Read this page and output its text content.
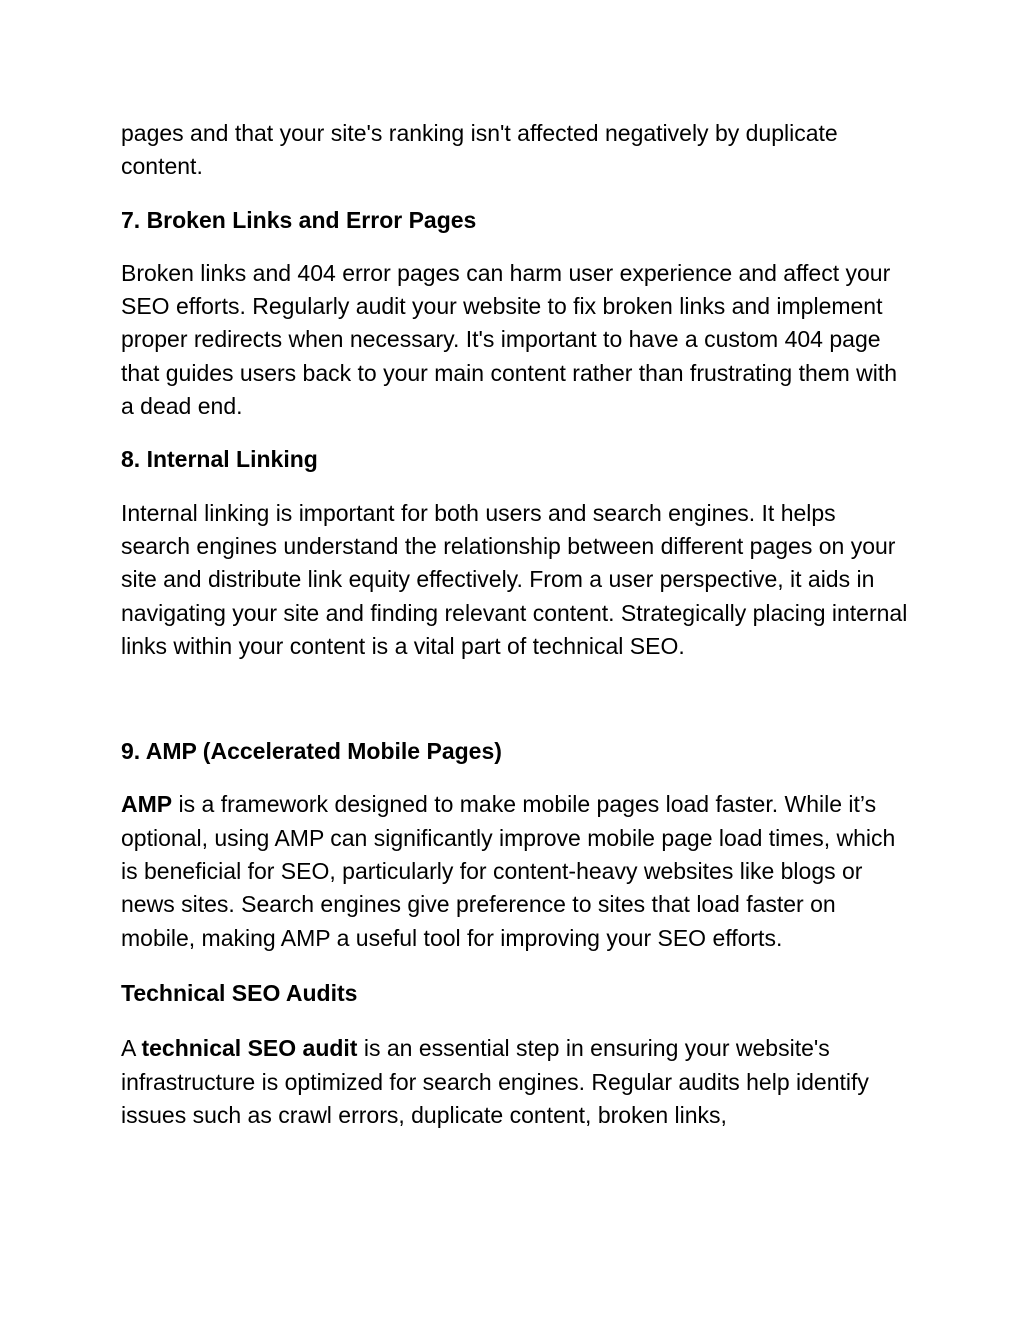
pages and that your site's ranking isn't affected negatively by duplicate content.

7. Broken Links and Error Pages

Broken links and 404 error pages can harm user experience and affect your SEO efforts. Regularly audit your website to fix broken links and implement proper redirects when necessary. It's important to have a custom 404 page that guides users back to your main content rather than frustrating them with a dead end.

8. Internal Linking

Internal linking is important for both users and search engines. It helps search engines understand the relationship between different pages on your site and distribute link equity effectively. From a user perspective, it aids in navigating your site and finding relevant content. Strategically placing internal links within your content is a vital part of technical SEO.

9. AMP (Accelerated Mobile Pages)

AMP is a framework designed to make mobile pages load faster. While it’s optional, using AMP can significantly improve mobile page load times, which is beneficial for SEO, particularly for content-heavy websites like blogs or news sites. Search engines give preference to sites that load faster on mobile, making AMP a useful tool for improving your SEO efforts.

Technical SEO Audits

A technical SEO audit is an essential step in ensuring your website's infrastructure is optimized for search engines. Regular audits help identify issues such as crawl errors, duplicate content, broken links,
